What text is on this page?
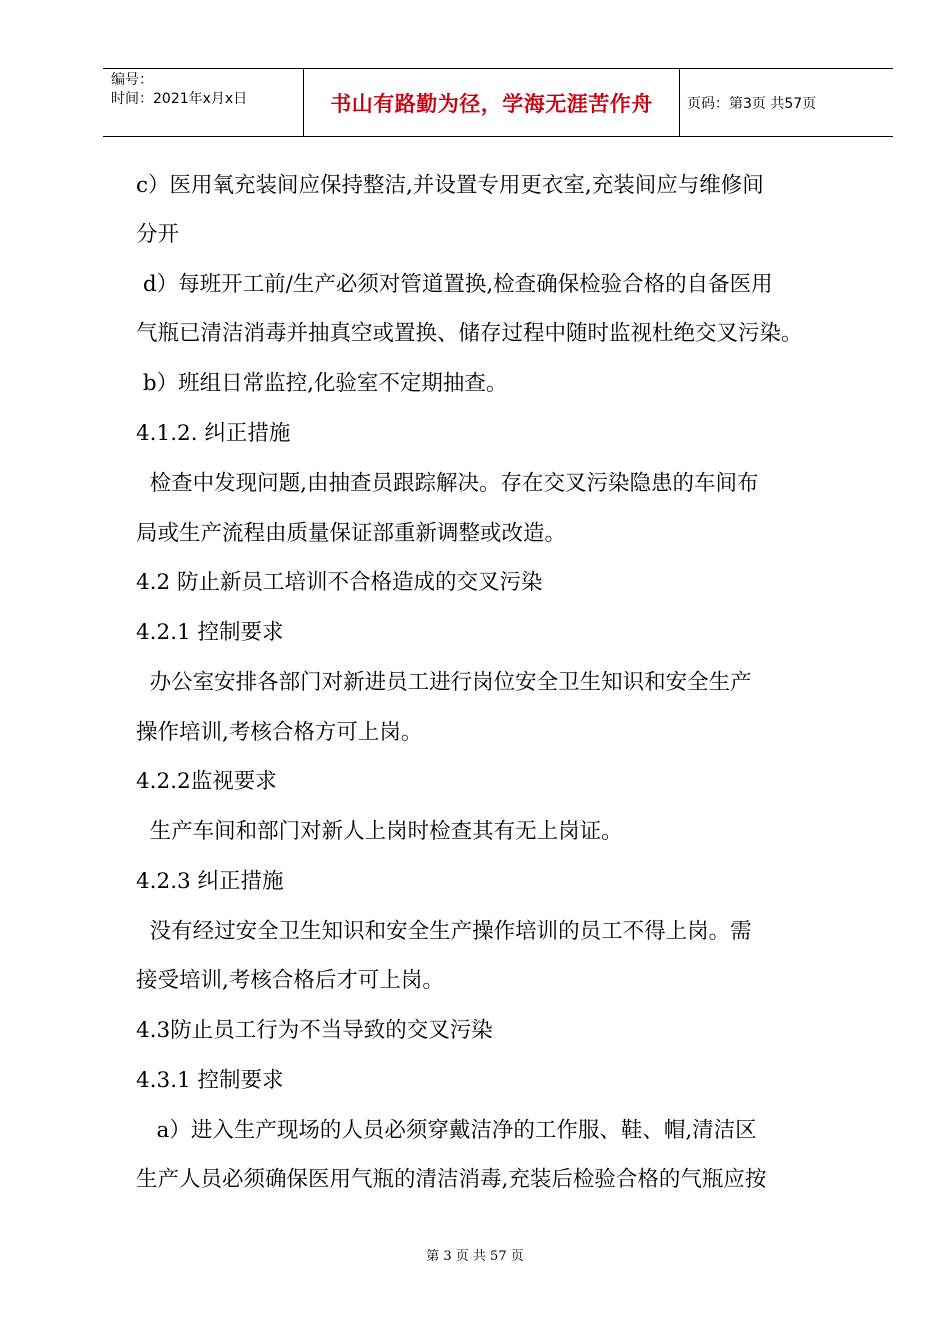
编号：
时间：2021年x月x日	书山有路勤为径，学海无涯苦作舟	页码：第3页 共57页
c）医用氧充装间应保持整洁,并设置专用更衣室,充装间应与维修间
分开
d）每班开工前/生产必须对管道置换,检查确保检验合格的自备医用
气瓶已清洁消毒并抽真空或置换、储存过程中随时监视杜绝交叉污染。
b）班组日常监控,化验室不定期抽查。
4.1.2. 纠正措施
检查中发现问题,由抽查员跟踪解决。存在交叉污染隐患的车间布
局或生产流程由质量保证部重新调整或改造。
4.2 防止新员工培训不合格造成的交叉污染
4.2.1 控制要求
办公室安排各部门对新进员工进行岗位安全卫生知识和安全生产
操作培训,考核合格方可上岗。
4.2.2监视要求
生产车间和部门对新人上岗时检查其有无上岗证。
4.2.3 纠正措施
没有经过安全卫生知识和安全生产操作培训的员工不得上岗。需
接受培训,考核合格后才可上岗。
4.3防止员工行为不当导致的交叉污染
4.3.1 控制要求
a）进入生产现场的人员必须穿戴洁净的工作服、鞋、帽,清洁区
生产人员必须确保医用气瓶的清洁消毒,充装后检验合格的气瓶应按
第 3 页 共 57 页
